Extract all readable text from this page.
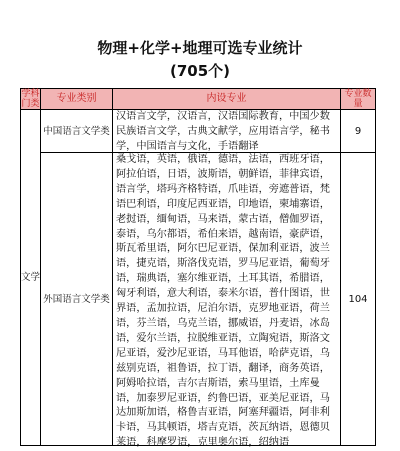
物理+化学+地理可选专业统计
(705个)
学科门类	专业类别	内设专业	专业数量
文学	中国语言文学类	汉语言文学，汉语言，汉语国际教育，中国少数民族语言文学，古典文献学，应用语言学，秘书学，中国语言与文化，手语翻译	9
	外国语言文学类	桑戈语，英语，俄语，德语，法语，西班牙语，阿拉伯语，日语，波斯语，朝鲜语，菲律宾语，语言学，塔玛齐格特语，爪哇语，旁遮普语，梵语巴利语，印度尼西亚语，印地语，柬埔寨语，老挝语，缅甸语，马来语，蒙古语，僧伽罗语，泰语，乌尔都语，希伯来语，越南语，豪萨语，斯瓦希里语，阿尔巴尼亚语，保加利亚语，波兰语，捷克语，斯洛伐克语，罗马尼亚语，葡萄牙语，瑞典语，塞尔维亚语，土耳其语，希腊语，匈牙利语，意大利语，泰米尔语，普什图语，世界语，孟加拉语，尼泊尔语，克罗地亚语，荷兰语，芬兰语，乌克兰语，挪威语，丹麦语，冰岛语，爱尔兰语，拉脱维亚语，立陶宛语，斯洛文尼亚语，爱沙尼亚语，马耳他语，哈萨克语，乌兹别克语，祖鲁语，拉丁语，翻译，商务英语，阿姆哈拉语，吉尔吉斯语，索马里语，土库曼语，加泰罗尼亚语，约鲁巴语，亚美尼亚语，马达加斯加语，格鲁吉亚语，阿塞拜疆语，阿非利卡语，马其顿语，塔吉克语，茨瓦纳语，恩德贝莱语，科摩罗语，克里奥尔语，绍纳语	104
